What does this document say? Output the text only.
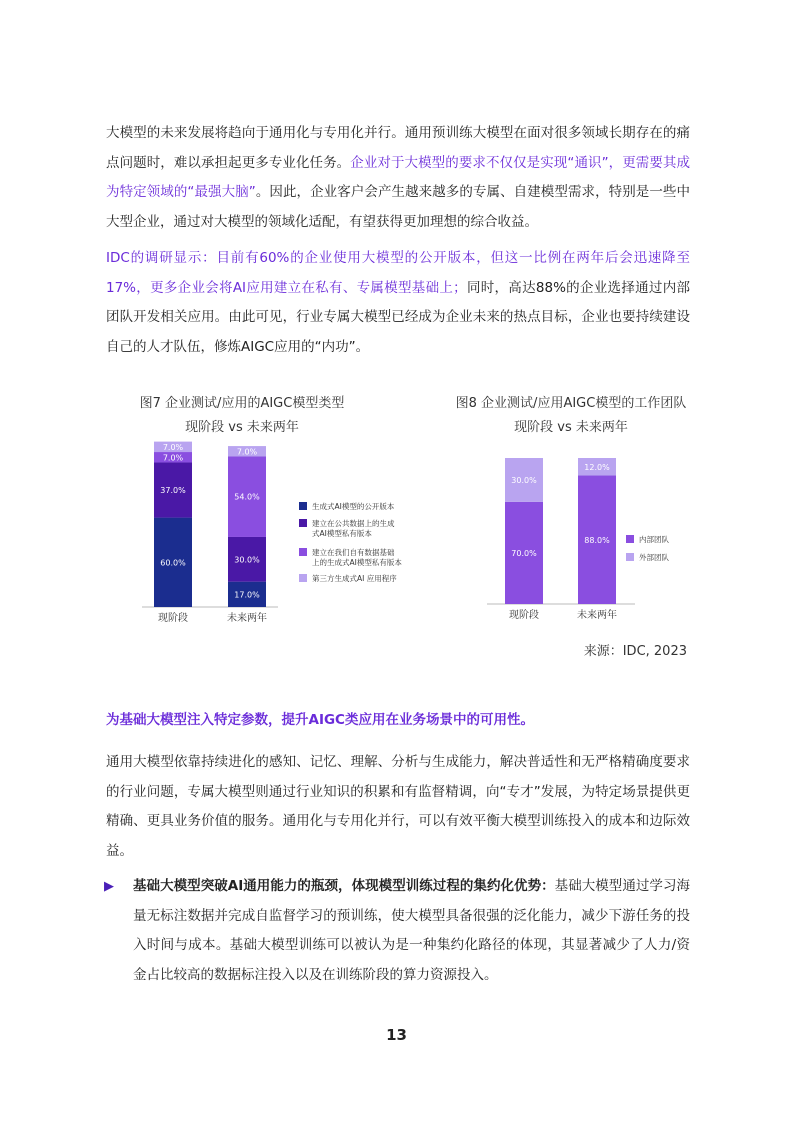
大模型的未来发展将趋向于通用化与专用化并行。通用预训练大模型在面对很多领域长期存在的痛点问题时，难以承担起更多专业化任务。企业对于大模型的要求不仅仅是实现“通识”，更需要其成为特定领域的“最强大脑”。因此，企业客户会产生越来越多的专属、自建模型需求，特别是一些中大型企业，通过对大模型的领域化适配，有望获得更加理想的综合收益。

IDC的调研显示：目前有60%的企业使用大模型的公开版本，但这一比例在两年后会迅速降至17%，更多企业会将AI应用建立在私有、专属模型基础上；同时，高达88%的企业选择通过内部团队开发相关应用。由此可见，行业专属大模型已经成为企业未来的热点目标，企业也要持续建设自己的人才队伍，修炼AIGC应用的“内功”。

图7 企业测试/应用的AIGC模型类型
现阶段 vs 未来两年
图8 企业测试/应用AIGC模型的工作团队
现阶段 vs 未来两年
60.0%
37.0%
7.0%
7.0%
现阶段
17.0%
30.0%
54.0%
7.0%
未来两年
生成式AI模型的公开版本
建立在公共数据上的生成
式AI模型私有版本
建立在我们自有数据基础
上的生成式AI模型私有版本
第三方生成式AI 应用程序
70.0%
30.0%
现阶段
88.0%
12.0%
未来两年
内部团队
外部团队
来源：IDC, 2023

为基础大模型注入特定参数，提升AIGC类应用在业务场景中的可用性。

通用大模型依靠持续进化的感知、记忆、理解、分析与生成能力，解决普适性和无严格精确度要求的行业问题，专属大模型则通过行业知识的积累和有监督精调，向“专才”发展，为特定场景提供更精确、更具业务价值的服务。通用化与专用化并行，可以有效平衡大模型训练投入的成本和边际效益。

▶ 基础大模型突破AI通用能力的瓶颈，体现模型训练过程的集约化优势：基础大模型通过学习海量无标注数据并完成自监督学习的预训练，使大模型具备很强的泛化能力，减少下游任务的投入时间与成本。基础大模型训练可以被认为是一种集约化路径的体现，其显著减少了人力/资金占比较高的数据标注投入以及在训练阶段的算力资源投入。

13
